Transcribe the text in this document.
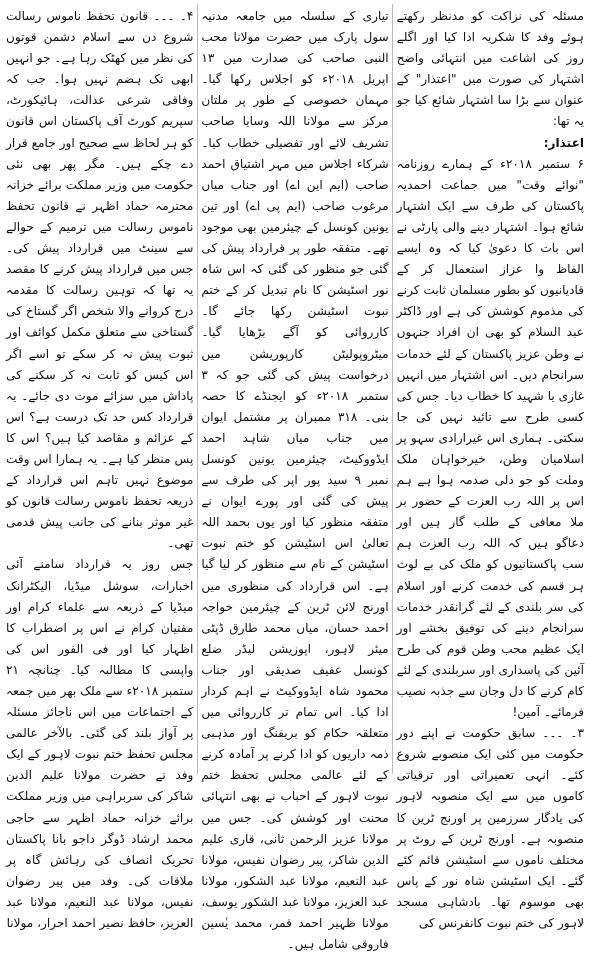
مسئلہ کی نزاکت کو مدنظر رکھتے ہوئے وفد کا شکریہ ادا کیا اور اگلے روز کی اشاعت میں انتہائی واضح اشتہار کی صورت میں "اعتذار" کے عنوان سے بڑا سا اشتہار شائع کیا جو یہ تھا:

اعتذار:

۶ ستمبر ۲۰۱۸ء کے ہمارے روزنامہ "نوائے وقت" میں جماعت احمدیہ پاکستان کی طرف سے ایک اشتہار شائع ہوا۔ اشتہار دینے والی پارٹی نے اس بات کا دعویٰ کیا کہ وہ ایسے الفاظ وا عزاز استعمال کر کے قادیانیوں کو بطور مسلمان ثابت کرنے کی مذموم کوشش کی ہے اور ڈاکٹر عبد السلام کو بھی ان افراد جنہوں نے وطن عزیز پاکستان کے لئے خدمات سرانجام دیں۔ اس اشتہار میں انہیں غازی یا شہید کا خطاب دیا۔ جس کی کسی طرح سے تائید نہیں کی جا سکتی۔ ہماری اس غیرارادی سہو پر اسلامیان وطن، خیرخواہان ملک وملت کو جو دلی صدمہ ہوا ہے ہم اس پر اللہ رب العزت کے حضور بر ملا معافی کے طلب گار ہیں اور دعاگو ہیں کہ اللہ رب العزت ہم سب پاکستانیوں کو ملک کی بے لوث ہر قسم کی خدمت کرنے اور اسلام کی سر بلندی کے لئے گرانقدر خدمات سرانجام دینے کی توفیق بخشے اور ایک عظیم محب وطن قوم کی طرح آئین کی پاسداری اور سربلندی کے لئے کام کرنے کا دل وجان سے جذبہ نصیب فرمائے۔ آمین!

۳۔ ۔۔۔ سابق حکومت نے اپنے دور حکومت میں کئی ایک منصوبے شروع کئے۔ انہی تعمیراتی اور ترقیاتی کاموں میں سے ایک منصوبہ لاہور کی یادگار سرزمین پر اورنج ٹرین کا منصوبہ ہے۔ اورنج ٹرین کے روٹ پر مختلف ناموں سے اسٹیشن قائم کئے گئے۔ ایک اسٹیشن شاہ نور کے پاس بھی موسوم تھا۔ بادشاہی مسجد لاہور کی ختم نبوت کانفرنس کی

تیاری کے سلسلہ میں جامعہ مدنیہ سول پارک میں حضرت مولانا محب النبی صاحب کی صدارت میں ۱۳ اپریل ۲۰۱۸ء کو اجلاس رکھا گیا۔ مہمان خصوصی کے طور پر ملتان مرکز سے مولانا اللہ وسایا صاحب تشریف لائے اور تفصیلی خطاب کیا۔ شرکاء اجلاس میں مہر اشتیاق احمد صاحب (ایم این اے) اور جناب میاں مرغوب صاحب (ایم پی اے) اور تین یونین کونسل کے چیئرمین بھی موجود تھے۔ متفقہ طور پر قرارداد پیش کی گئی جو منظور کی گئی کہ اس شاہ نور اسٹیشن کا نام تبدیل کر کے ختم نبوت اسٹیشن رکھا جائے گا۔ کارروائی کو آگے بڑھایا گیا۔ میٹروپولیٹن کارپوریشن میں درخواست پیش کی گئی جو کہ ۳ ستمبر ۲۰۱۸ء کو ایجنڈے کا حصہ بنی۔ ۳۱۸ ممبران پر مشتمل ایوان میں جناب میاں شاہد احمد ایڈووکیٹ، چیئرمین یونین کونسل نمبر ۹ سید پور اپر کی طرف سے پیش کی گئی اور پورے ایوان نے متفقہ منظور کیا اور یوں بحمد اللہ تعالیٰ اس اسٹیشن کو ختم نبوت اسٹیشن کے نام سے منظور کر لیا گیا ہے۔ اس قرارداد کی منظوری میں اورنج لائن ٹرین کے چیئرمین خواجہ احمد حسان، میاں محمد طارق ڈپٹی میئر لاہور، اپوزیشن لیڈر ضلع کونسل عفیف صدیقی اور جناب محمود شاہ ایڈووکیٹ نے اہم کردار ادا کیا۔ اس تمام تر کارروائی میں متعلقہ حکام کو بریفنگ اور مذہبی ذمہ داریوں کو ادا کرنے پر آمادہ کرنے کے لئے عالمی مجلس تحفظ ختم نبوت لاہور کے احباب نے بھی انتہائی محنت اور کوشش کی۔ جس میں مولانا عزیز الرحمن ثانی، قاری علیم الدین شاکر، پیر رضوان نفیس، مولانا عبد النعیم، مولانا عبد الشکور، مولانا عبد العزیز، مولانا عبد الشکور یوسف، مولانا ظہیر احمد قمر، محمد یٰسین فاروقی شامل ہیں۔

۴۔ ۔۔۔ قانون تحفظ ناموس رسالت شروع دن سے اسلام دشمن قوتوں کی نظر میں کھٹک رہا ہے۔ جو انہیں ابھی تک ہضم نہیں ہوا۔ جب کہ وفاقی شرعی عدالت، ہائیکورٹ، سپریم کورٹ آف پاکستان اس قانون کو ہر لحاظ سے صحیح اور جامع قرار دے چکے ہیں۔ مگر پھر بھی نئی حکومت میں وزیر مملکت برائے خزانہ محترمہ حماد اظہر نے قانون تحفظ ناموس رسالت میں ترمیم کے حوالے سے سینٹ میں قرارداد پیش کی۔ جس میں قرارداد پیش کرنے کا مقصد یہ تھا کہ توہین رسالت کا مقدمہ درج کروانے والا شخص اگر گستاخ کی گستاخی سے متعلق مکمل کوائف اور ثبوت پیش نہ کر سکے تو اسے اگر اس کیس کو ثابت نہ کر سکنے کی پاداش میں سزائے موت دی جائے۔ یہ قرارداد کس حد تک درست ہے؟ اس کے عزائم و مقاصد کیا ہیں؟ اس کا پس منظر کیا ہے۔ یہ ہمارا اس وقت موضوع نہیں تاہم اس قرارداد کے ذریعہ تحفظ ناموس رسالت قانون کو غیر موثر بنانے کی جانب پیش قدمی تھی۔

جس روز یہ قرارداد سامنے آئی اخبارات، سوشل میڈیا، الیکٹرانک میڈیا کے ذریعہ سے علماء کرام اور مفتیان کرام نے اس پر اضطراب کا اظہار کیا اور فی الفور اس کی واپسی کا مطالبہ کیا۔ چنانچہ ۲۱ ستمبر ۲۰۱۸ء سے ملک بھر میں جمعہ کے اجتماعات میں اس ناجائز مسئلہ پر آواز بلند کی گئی۔ بالآخر عالمی مجلس تحفظ ختم نبوت لاہور کے ایک وفد نے حضرت مولانا علیم الدین شاکر کی سربراہی میں وزیر مملکت برائے خزانہ حماد اظہر سے حاجی محمد ارشاد ڈوگر داجو بانا پاکستان تحریک انصاف کی رہائش گاہ پر ملاقات کی۔ وفد میں پیر رضوان نفیس، مولانا عبد النعیم، مولانا عبد العزیز، حافظ نصیر احمد احرار، مولانا
